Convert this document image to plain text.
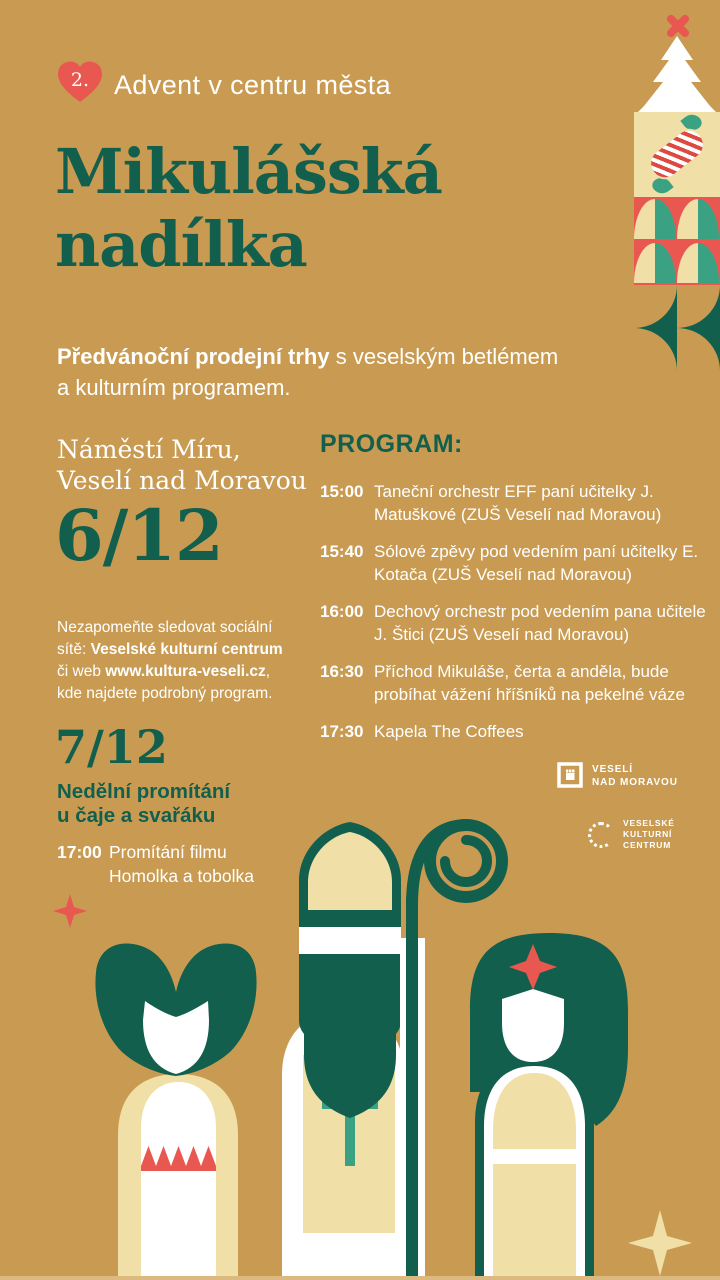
2. Advent v centru města
Mikulášská
nadílka
Předvánoční prodejní trhy s veselským betlémem
a kulturním programem.
Náměstí Míru,
Veselí nad Moravou
6/12
Nezapomeňte sledovat sociální
sítě: Veselské kulturní centrum
či web www.kultura-veseli.cz,
kde najdete podrobný program.
PROGRAM:
15:00 Taneční orchestr EFF paní učitelky J. Matuškové (ZUŠ Veselí nad Moravou)
15:40 Sólové zpěvy pod vedením paní učitelky E. Kotača (ZUŠ Veselí nad Moravou)
16:00 Dechový orchestr pod vedením pana učitele J. Štici (ZUŠ Veselí nad Moravou)
16:30 Příchod Mikuláše, čerta a anděla, bude probíhat vážení hříšníků na pekelné váze
17:30 Kapela The Coffees
7/12
Nedělní promítání
u čaje a svařáku
17:00 Promítání filmu
Homolka a tobolka
VESELÍ
NAD MORAVOU
VESELSKÉ
KULTURNÍ
CENTRUM
